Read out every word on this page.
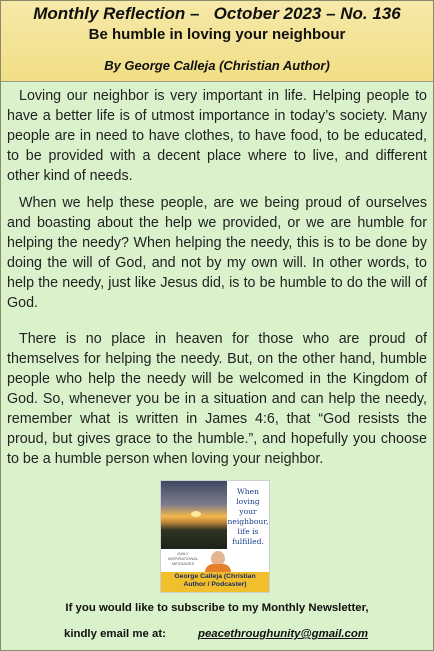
Monthly Reflection –   October 2023 – No. 136
Be humble in loving your neighbour
By George Calleja (Christian Author)

Loving our neighbor is very important in life. Helping people to have a better life is of utmost importance in today’s society. Many people are in need to have clothes, to have food, to be educated, to be provided with a decent place where to live, and different other kind of needs.

When we help these people, are we being proud of ourselves and boasting about the help we provided, or we are humble for helping the needy? When helping the needy, this is to be done by doing the will of God, and not by my own will. In other words, to help the needy, just like Jesus did, is to be humble to do the will of God.

There is no place in heaven for those who are proud of themselves for helping the needy. But, on the other hand, humble people who help the needy will be welcomed in the Kingdom of God. So, whenever you be in a situation and can help the needy, remember what is written in James 4:6, that “God resists the proud, but gives grace to the humble.”, and hopefully you choose to be a humble person when loving your neighbor.

When
loving
your
neighbour,
life is
fulfilled.
DAILY
INSPIRATIONAL
MESSAGES
George Calleja (Christian
Author / Podcaster)
If you would like to subscribe to my Monthly Newsletter,
kindly email me at:	peacethroughunity@gmail.com
